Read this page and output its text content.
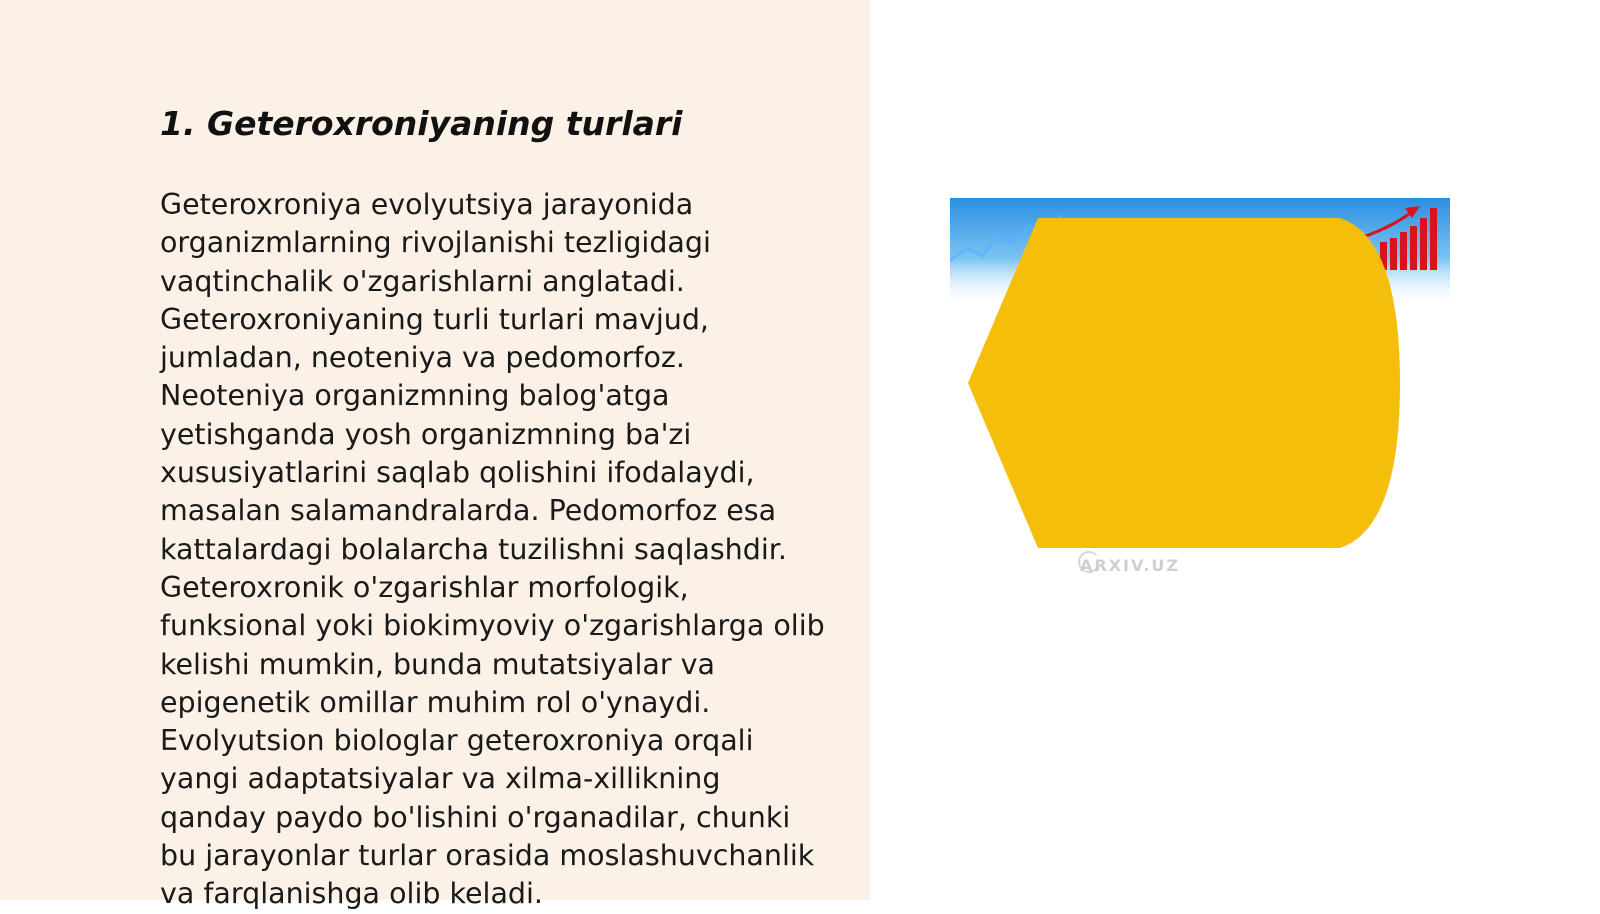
1. Geteroxroniyaning turlari

Geteroxroniya evolyutsiya jarayonida organizmlarning rivojlanishi tezligidagi vaqtinchalik o'zgarishlarni anglatadi. Geteroxroniyaning turli turlari mavjud, jumladan, neoteniya va pedomorfoz. Neoteniya organizmning balog'atga yetishganda yosh organizmning ba'zi xususiyatlarini saqlab qolishini ifodalaydi, masalan salamandralarda. Pedomorfoz esa kattalardagi bolalarcha tuzilishni saqlashdir. Geteroxronik o'zgarishlar morfologik, funksional yoki biokimyoviy o'zgarishlarga olib kelishi mumkin, bunda mutatsiyalar va epigenetik omillar muhim rol o'ynaydi. Evolyutsion biologlar geteroxroniya orqali yangi adaptatsiyalar va xilma-xillikning qanday paydo bo'lishini o'rganadilar, chunki bu jarayonlar turlar orasida moslashuvchanlik va farqlanishga olib keladi.

ARXIV.UZ
